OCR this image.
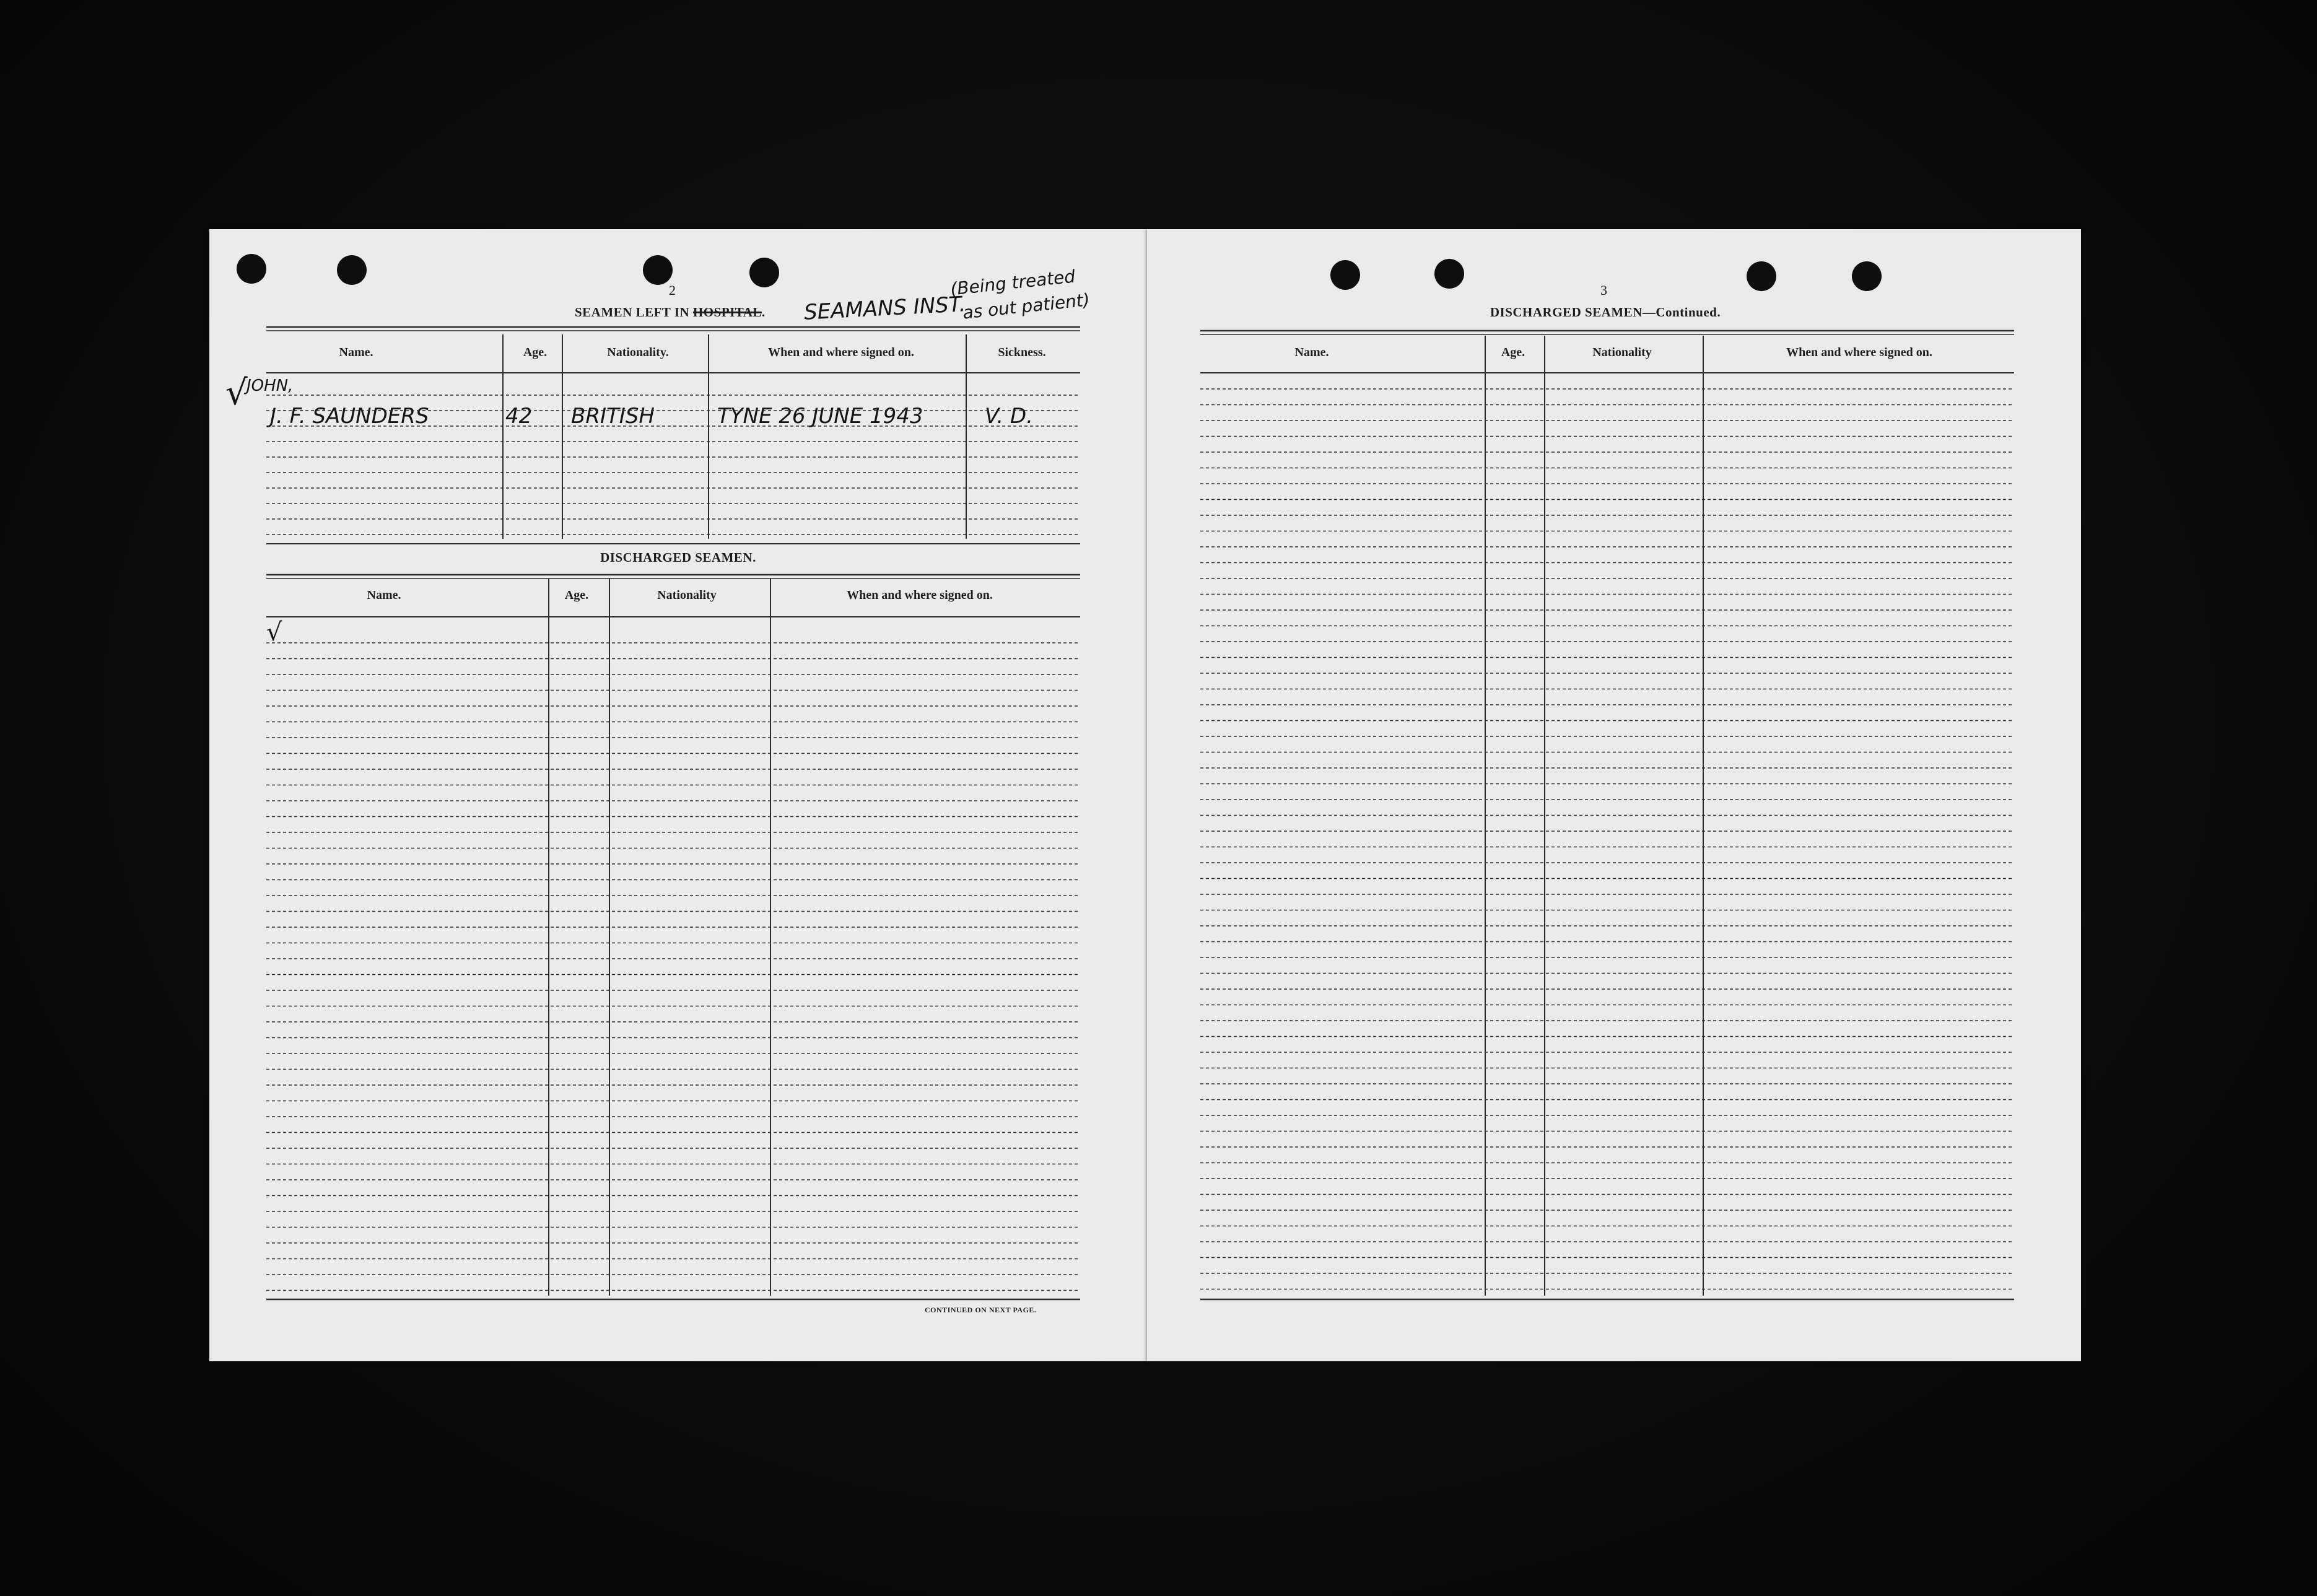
2
SEAMEN LEFT IN HOSPITAL. SEAMANS INST.
(Being treated
as out patient)
Name.	Age.	Nationality.	When and where signed on.	Sickness.
√
JOHN,
J. F. SAUNDERS	42 BRITISH	TYNE 26 JUNE 1943	V. D.
DISCHARGED SEAMEN.
Name.	Age.	Nationality	When and where signed on.
√
CONTINUED ON NEXT PAGE.
3
DISCHARGED SEAMEN—Continued.
Name.	Age.	Nationality	When and where signed on.
